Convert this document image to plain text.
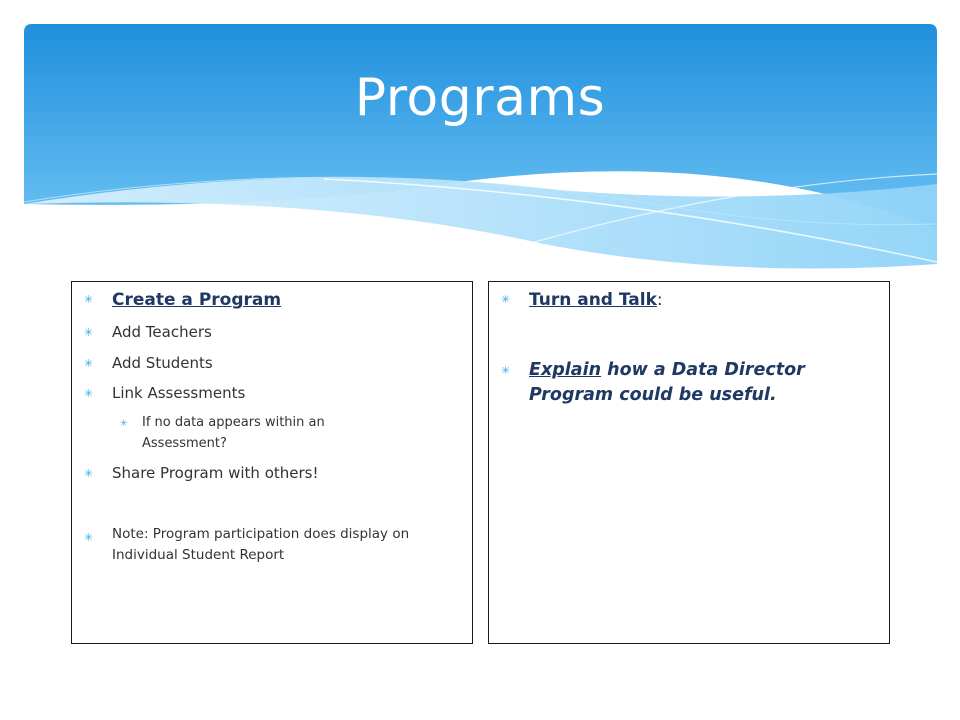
Programs
✳ Create a Program
✳ Add Teachers
✳ Add Students
✳ Link Assessments
✳ If no data appears within an Assessment?
✳ Share Program with others!
✳ Note: Program participation does display on Individual Student Report
✳ Turn and Talk:
✳ Explain how a Data Director Program could be useful.
